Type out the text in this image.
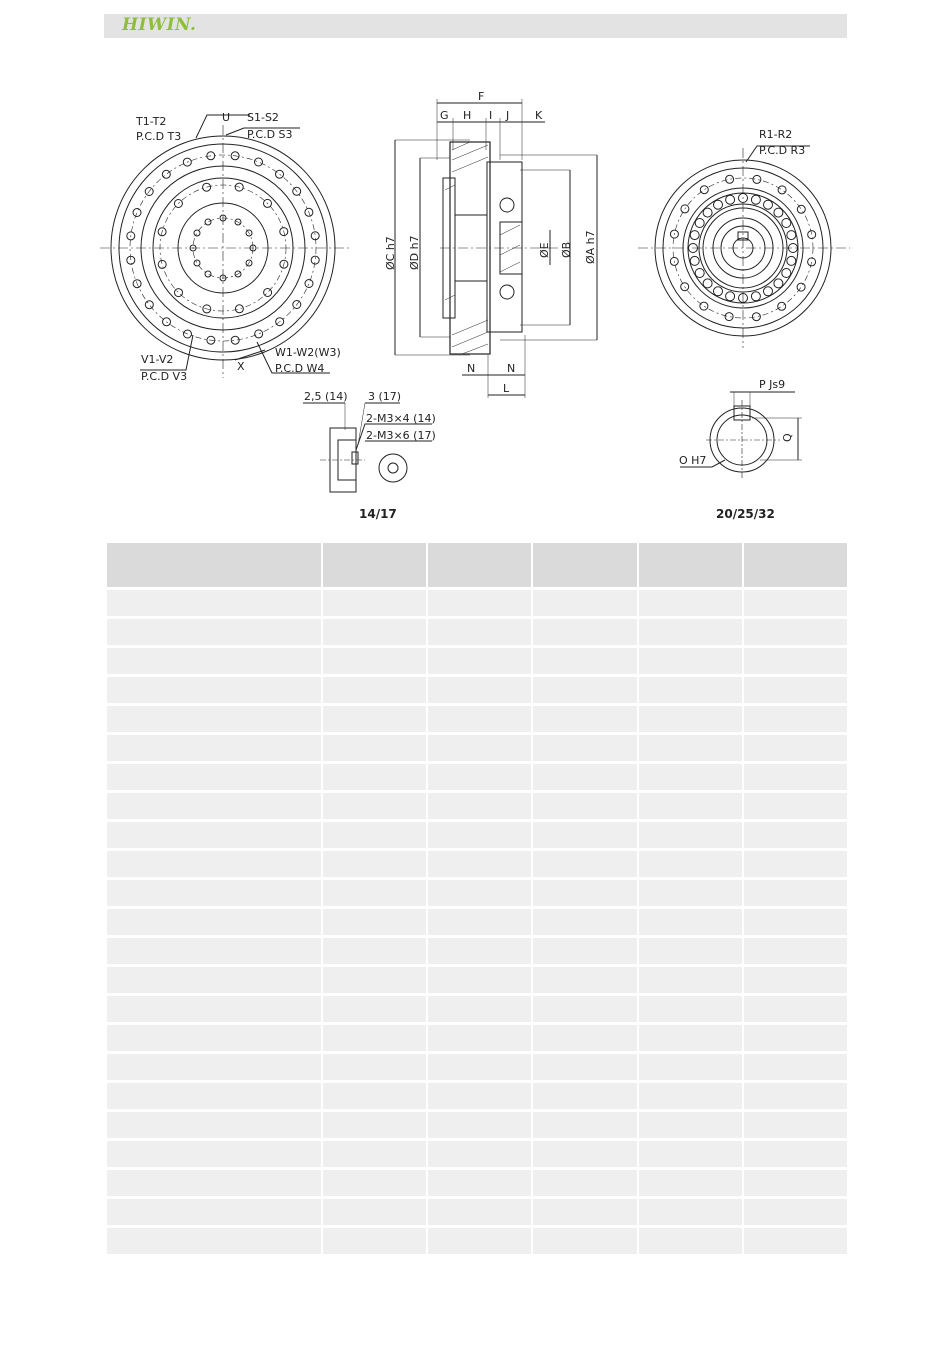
HIWIN.
T1-T2
P.C.D T3
U S1-S2
P.C.D S3
V1-V2
P.C.D V3
X
W1-W2(W3)
P.C.D W4
F
G H I J K
ØC h7 ØD h7	ØE ØB ØA h7
N	N
L
R1-R2
P.C.D R3
2,5 (14) 3 (17)
2-M3×4 (14)
2-M3×6 (17)
P Js9
O H7
Q
14/17	20/25/32
